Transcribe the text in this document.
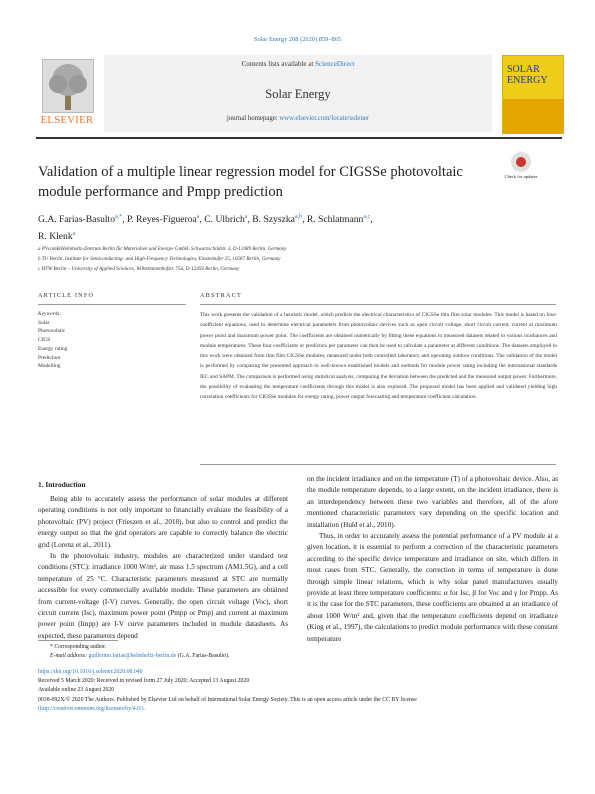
Solar Energy 208 (2020) 859–865
ELSEVIER
Contents lists available at ScienceDirect
Solar Energy
journal homepage: www.elsevier.com/locate/solener
SOLAR ENERGY
Validation of a multiple linear regression model for CIGSSe photovoltaic module performance and Pmpp prediction
Check for updates
G.A. Farias-Basulto$^{a,*}$, P. Reyes-Figueroa$^a$, C. Ulbrich$^a$, B. Szyszka$^{a,b}$, R. Schlatmann$^{a,c}$,
R. Klenk$^a$
a PVcomB/Helmholtz-Zentrum Berlin für Materialien und Energie GmbH, Schwarzschildstr. 3, D-12489 Berlin, Germany
b TU Berlin, Institute for Semiconducting- and High-Frequency Technologies, Einsteinufer 25, 10587 Berlin, Germany
c HTW Berlin – University of Applied Sciences, Wilhelminenhofstr. 75a, D-12459 Berlin, Germany
ARTICLE INFO	ABSTRACT
Keywords:
Solar
Photovoltaic
CIGS
Energy rating
Prediction
Modelling
This work presents the validation of a heuristic model, which predicts the electrical characteristics of CIGSSe thin film solar modules. This model is based on four-coefficient equations, used to determine electrical parameters from photovoltaic devices such as open circuit voltage, short circuit current, current at maximum power point and maximum power point. The coefficients are obtained numerically by fitting these equations to measured datasets related to various irradiances and module temperatures. These four coefficients or predictors per parameter can then be used to calculate a parameter at different conditions. The datasets employed in this work were obtained from thin film CIGSSe modules, measured under both controlled laboratory and operating outdoor conditions. The validation of the model is performed by comparing the presented approach to well-known established models and methods for module power rating including the international standards IEC and SAPM. The comparison is performed using statistical analysis, comparing the deviation between the predicted and the measured output power. Furthermore, the possibility of evaluating the temperature coefficients through this model is also explored. The proposed model has been applied and validated yielding high correlation coefficients for CIGSSe modules for energy rating, power output forecasting and temperature coefficient calculation.
1. Introduction

Being able to accurately assess the performance of solar modules at different operating conditions is not only important to financially evaluate the feasibility of a photovoltaic (PV) project (Frieszen et al., 2018), but also to control and predict the energy output so that the grid operators are capable to correctly balance the electric grid (Lorenz et al., 2011).

In the photovoltaic industry, modules are characterized under standard test conditions (STC): irradiance 1000 W/m², air mass 1.5 spectrum (AM1.5G), and a cell temperature of 25 °C. Characteristic parameters measured at STC are normally accessible for every commercially available module. These parameters are obtained from current-voltage (I-V) curves. Generally, the open circuit voltage (Voc), short circuit current (Isc), maximum power point (Pmpp or Pmp) and current at maximum power point (Impp) are I-V curve parameters included in module datasheets. As expected, these parameters depend

on the incident irradiance and on the temperature (T) of a photovoltaic device. Also, as the module temperature depends, to a large extent, on the incident irradiance, there is an interdependency between these two variables and therefore, all of the afore mentioned characteristic parameters vary depending on the specific location and installation (Huld et al., 2010).

Thus, in order to accurately assess the potential performance of a PV module at a given location, it is essential to perform a correction of the characteristic parameters according to the specific device temperature and irradiance on site, which differs in most cases from STC. Generally, the correction in terms of temperature is done through simple linear relations, which is why solar panel manufacturers usually provide at least three temperature coefficients: α for Isc, β for Voc and γ for Pmpp. As it is the case for the STC parameters, these coefficients are obtained at an irradiance of about 1000 W/m² and, given that the temperature coefficients depend on irradiance (King et al., 1997), the calculations to predict module performance with these constant temperature

* Corresponding author.
E-mail address: guillermo.farias@helmholtz-berlin.de (G.A. Farias-Basulto).
https://doi.org/10.1016/j.solener.2020.08.040
Received 5 March 2020; Received in revised form 27 July 2020; Accepted 13 August 2020
Available online 23 August 2020
0038-092X/© 2020 The Authors. Published by Elsevier Ltd on behalf of International Solar Energy Society. This is an open access article under the CC BY license
(http://creativecommons.org/licenses/by/4.0/).
